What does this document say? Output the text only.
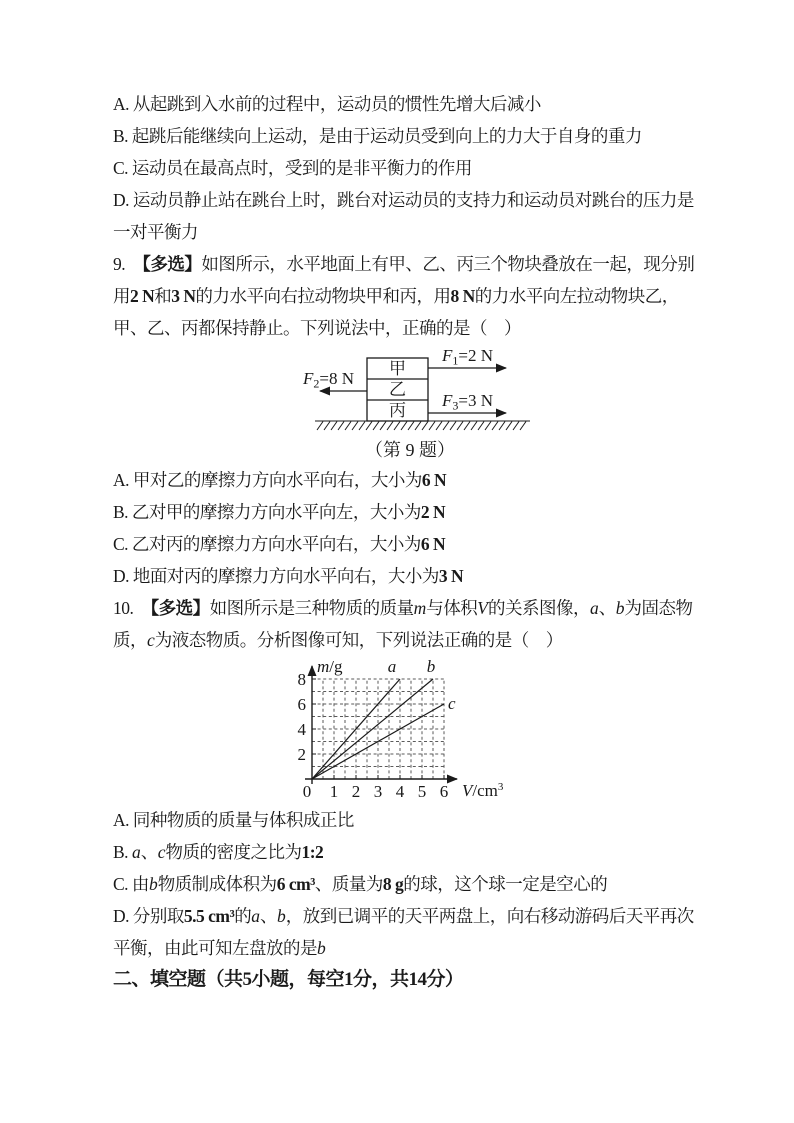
A. 从起跳到入水前的过程中，运动员的惯性先增大后减小

B. 起跳后能继续向上运动，是由于运动员受到向上的力大于自身的重力

C. 运动员在最高点时，受到的是非平衡力的作用

D. 运动员静止站在跳台上时，跳台对运动员的支持力和运动员对跳台的压力是一对平衡力

9.　 【多选】如图所示，水平地面上有甲、乙、丙三个物块叠放在一起，现分别用2 N和3 N的力水平向右拉动物块甲和丙，用8 N的力水平向左拉动物块乙，甲、乙、丙都保持静止。下列说法中，正确的是（　）

甲
乙
丙
$F_1=2$ N
$F_2=8$ N
$F_3=3$ N
（第 9 题）

A. 甲对乙的摩擦力方向水平向右，大小为6 N

B. 乙对甲的摩擦力方向水平向左，大小为2 N

C. 乙对丙的摩擦力方向水平向右，大小为6 N

D. 地面对丙的摩擦力方向水平向右，大小为3 N

10.　 【多选】如图所示是三种物质的质量m与体积V的关系图像，a、b为固态物质，c为液态物质。分析图像可知，下列说法正确的是（　）

a b
c
8
6
4
2
0 1 2 3 4 5 6
m/g
$V/cm^3$

A. 同种物质的质量与体积成正比

B. a、c物质的密度之比为1:2

C. 由b物质制成体积为6 cm³、质量为8 g的球，这个球一定是空心的

D. 分别取5.5 cm³的a、b，放到已调平的天平两盘上，向右移动游码后天平再次平衡，由此可知左盘放的是b

二、填空题（共5小题，每空1分，共14分）
